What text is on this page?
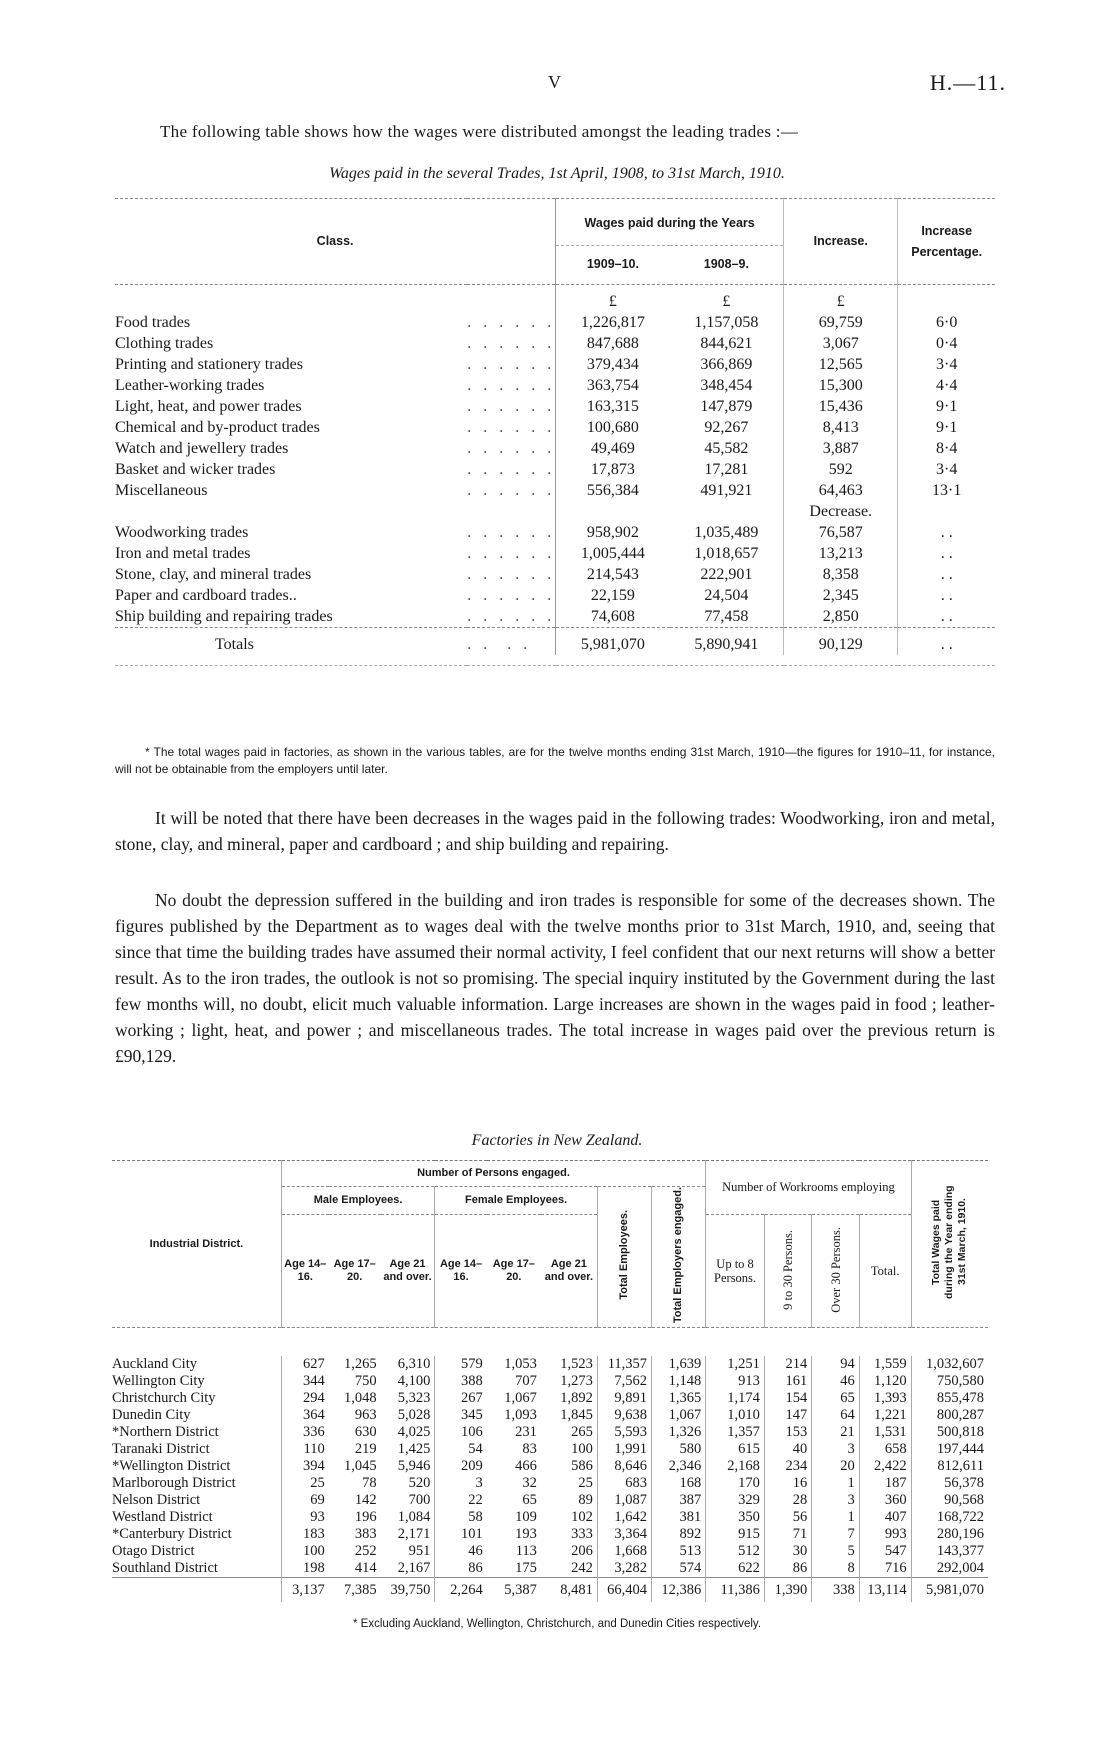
V	H.—11.
The following table shows how the wages were distributed amongst the leading trades :—
Wages paid in the several Trades, 1st April, 1908, to 31st March, 1910.
Class.		Wages paid during the Years		Increase.	Increase Percentage.
		1909–10.	1908–9.		
		£	£	£	
Food trades	. . . . . .	1,226,817	1,157,058	69,759	6·0
Clothing trades	. . . . . .	847,688	844,621	3,067	0·4
Printing and stationery trades	. . . . . .	379,434	366,869	12,565	3·4
Leather-working trades	. . . . . .	363,754	348,454	15,300	4·4
Light, heat, and power trades	. . . . . .	163,315	147,879	15,436	9·1
Chemical and by-product trades	. . . . . .	100,680	92,267	8,413	9·1
Watch and jewellery trades	. . . . . .	49,469	45,582	3,887	8·4
Basket and wicker trades	. . . . . .	17,873	17,281	592	3·4
Miscellaneous	. . . . . .	556,384	491,921	64,463	13·1
				Decrease.	
Woodworking trades	. . . . . .	958,902	1,035,489	76,587	. .
Iron and metal trades	. . . . . .	1,005,444	1,018,657	13,213	. .
Stone, clay, and mineral trades	. . . . . .	214,543	222,901	8,358	. .
Paper and cardboard trades..	. . . . . .	22,159	24,504	2,345	. .
Ship building and repairing trades	. . . . . .	74,608	77,458	2,850	. .
Totals	. .  . .	5,981,070	5,890,941	90,129	. .

* The total wages paid in factories, as shown in the various tables, are for the twelve months ending 31st March, 1910—the figures for 1910–11, for instance, will not be obtainable from the employers until later.
It will be noted that there have been decreases in the wages paid in the following trades: Woodworking, iron and metal, stone, clay, and mineral, paper and cardboard ; and ship building and repairing.
No doubt the depression suffered in the building and iron trades is responsible for some of the decreases shown. The figures published by the Department as to wages deal with the twelve months prior to 31st March, 1910, and, seeing that since that time the building trades have assumed their normal activity, I feel confident that our next returns will show a better result. As to the iron trades, the outlook is not so promising. The special inquiry instituted by the Government during the last few months will, no doubt, elicit much valuable information. Large increases are shown in the wages paid in food ; leather-working ; light, heat, and power ; and miscellaneous trades. The total increase in wages paid over the previous return is £90,129.
Factories in New Zealand.
Industrial District.	Number of Persons engaged.								Number of Workrooms employing				Total Wages paid during the Year ending 31st March, 1910.
	Male Employees.			Female Employees.			Total Employees.	Total Employers engaged.					
	Age 14–16.	Age 17–20.	Age 21 and over.	Age 14–16.	Age 17–20.	Age 21 and over.			Up to 8 Persons.	9 to 30 Persons.	Over 30 Persons.	Total.	

Auckland City	627	1,265	6,310	579	1,053	1,523	11,357	1,639	1,251	214	94	1,559	1,032,607
Wellington City	344	750	4,100	388	707	1,273	7,562	1,148	913	161	46	1,120	750,580
Christchurch City	294	1,048	5,323	267	1,067	1,892	9,891	1,365	1,174	154	65	1,393	855,478
Dunedin City	364	963	5,028	345	1,093	1,845	9,638	1,067	1,010	147	64	1,221	800,287
*Northern District	336	630	4,025	106	231	265	5,593	1,326	1,357	153	21	1,531	500,818
Taranaki District	110	219	1,425	54	83	100	1,991	580	615	40	3	658	197,444
*Wellington District	394	1,045	5,946	209	466	586	8,646	2,346	2,168	234	20	2,422	812,611
Marlborough District	25	78	520	3	32	25	683	168	170	16	1	187	56,378
Nelson District	69	142	700	22	65	89	1,087	387	329	28	3	360	90,568
Westland District	93	196	1,084	58	109	102	1,642	381	350	56	1	407	168,722
*Canterbury District	183	383	2,171	101	193	333	3,364	892	915	71	7	993	280,196
Otago District	100	252	951	46	113	206	1,668	513	512	30	5	547	143,377
Southland District	198	414	2,167	86	175	242	3,282	574	622	86	8	716	292,004
	3,137	7,385	39,750	2,264	5,387	8,481	66,404	12,386	11,386	1,390	338	13,114	5,981,070
* Excluding Auckland, Wellington, Christchurch, and Dunedin Cities respectively.
